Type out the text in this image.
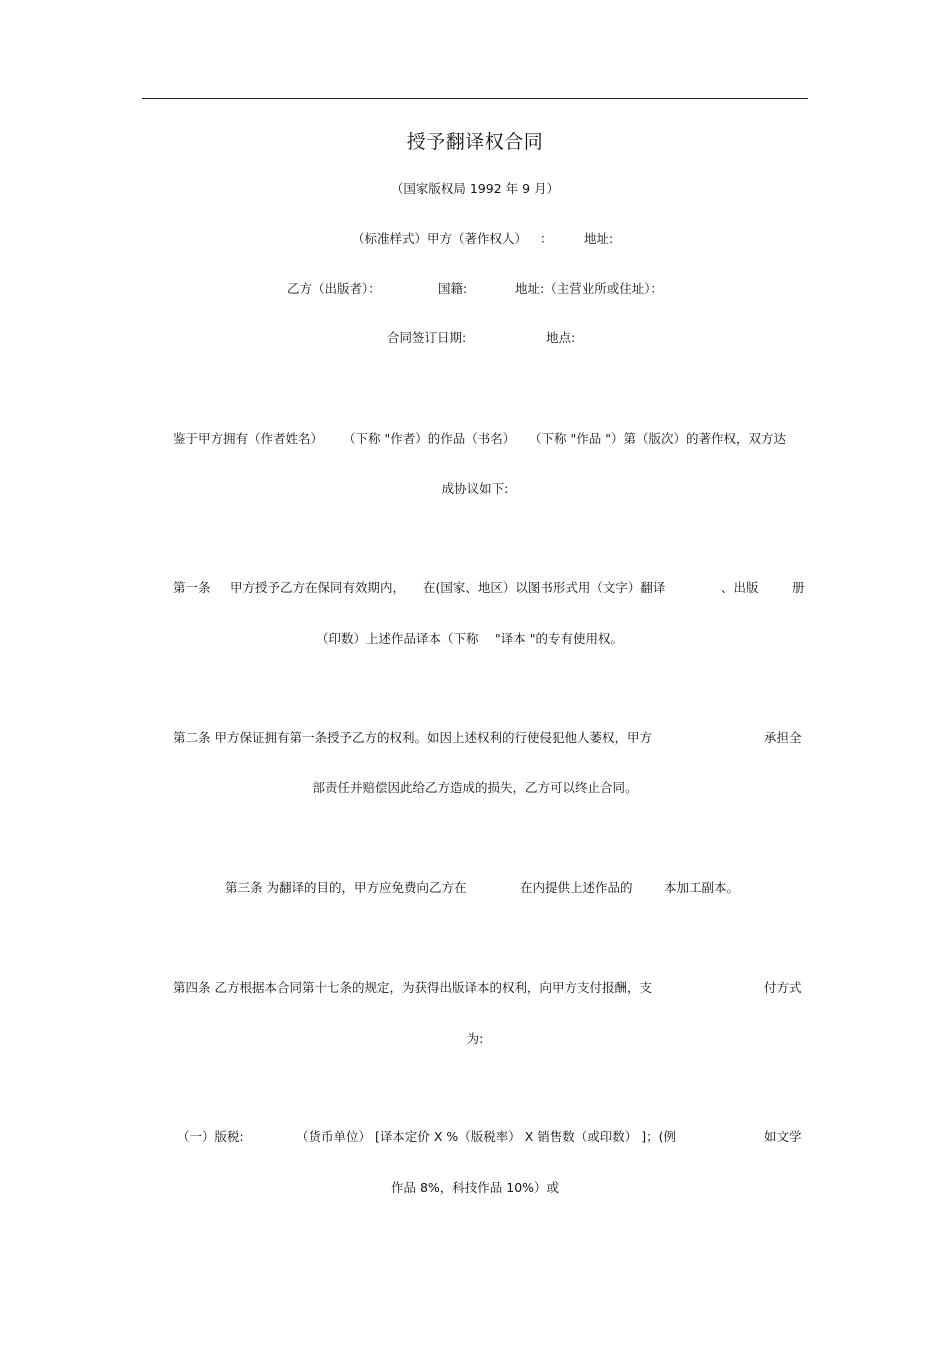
授予翻译权合同
（国家版权局 1992 年 9 月）
（标准样式）甲方（著作权人） ：	地址:
乙方（出版者）：	国籍:	地址:（主营业所或住址）：
合同签订日期:	地点:
鉴于甲方拥有（作者姓名） （下称 "作者）的作品（书名） （下称 "作品 "）第（版次）的著作权，双方达
成协议如下:
第一条 甲方授予乙方在保同有效期内， 在(国家、地区）以图书形式用（文字）翻译	、出版	册
（印数）上述作品译本（下称 "译本 "的专有使用权。
第二条 甲方保证拥有第一条授予乙方的权利。如因上述权利的行使侵犯他人萎权，甲方	承担全
部责任并赔偿因此给乙方造成的损失，乙方可以终止合同。
第三条 为翻译的目的，甲方应免费向乙方在	在内提供上述作品的	本加工副本。
第四条 乙方根据本合同第十七条的规定，为获得出版译本的权利，向甲方支付报酬，支	付方式
为:
（一）版税:	（货币单位） [译本定价 X %（版税率） X 销售数（或印数） ]；(例	如文学
作品 8%，科技作品 10%）或
